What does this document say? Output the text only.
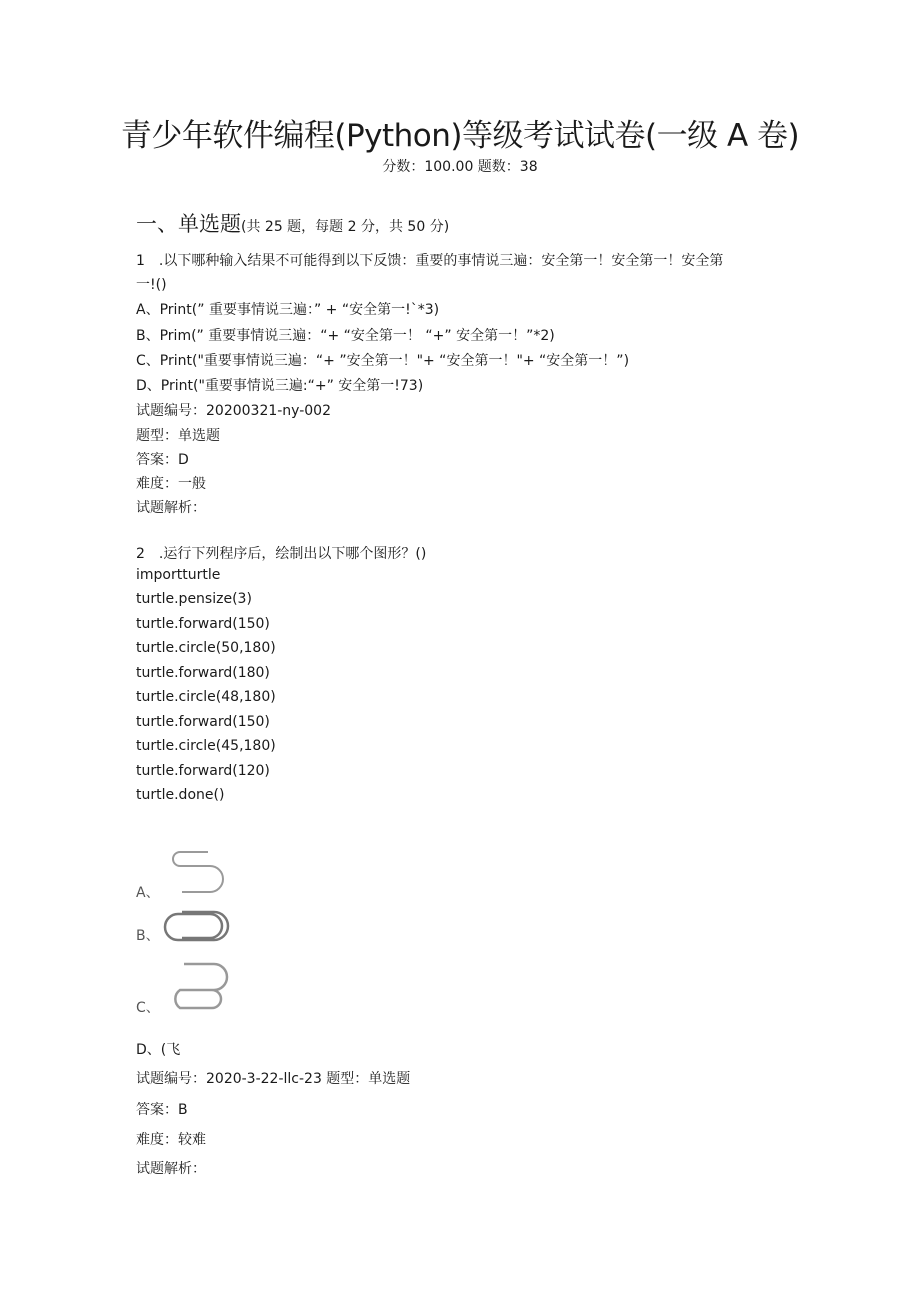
青少年软件编程(Python)等级考试试卷(一级 A 卷)
分数：100.00 题数：38
一、单选题(共 25 题，每题 2 分，共 50 分)
1　.以下哪种输入结果不可能得到以下反馈：重要的事情说三遍：安全第一！安全第一！安全第
一!()
A、Print(” 重要事情说三遍：” + “安全第一!`*3)
B、Prim(” 重要事情说三遍：“+ “安全第一！ “+” 安全第一！”*2)
C、Print("重要事情说三遍：“+ ”安全第一！"+ “安全第一！"+ “安全第一！”)
D、Print("重要事情说三遍:“+” 安全第一!73)
试题编号：20200321-ny-002
题型：单选题
答案：D
难度：一般
试题解析：
2　.运行下列程序后，绘制出以下哪个图形？()
importturtle
turtle.pensize(3)
turtle.forward(150)
turtle.circle(50,180)
turtle.forward(180)
turtle.circle(48,180)
turtle.forward(150)
turtle.circle(45,180)
turtle.forward(120)
turtle.done()
A、
B、
C、
D、(飞
试题编号：2020-3-22-llc-23 题型：单选题
答案：B
难度：较难
试题解析：
